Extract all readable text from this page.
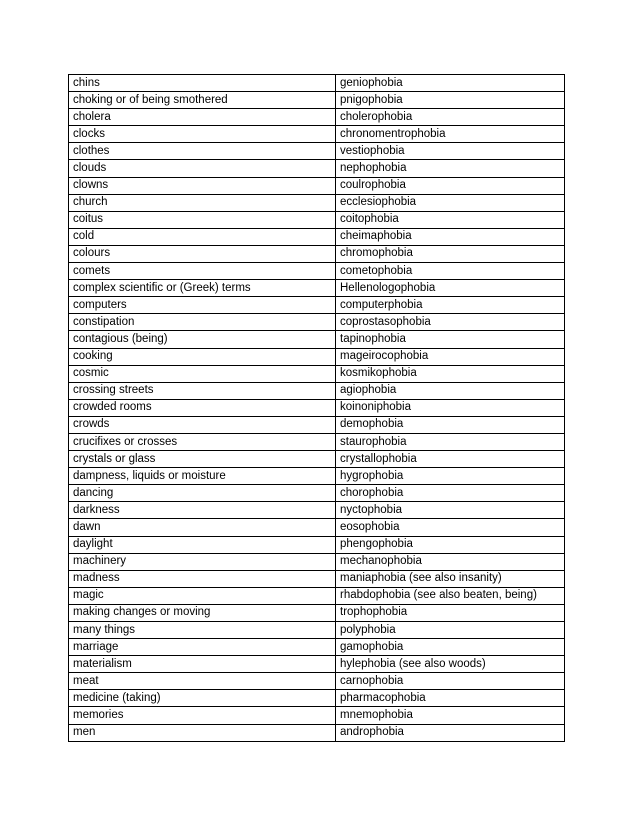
chins	geniophobia
choking or of being smothered	pnigophobia
cholera	cholerophobia
clocks	chronomentrophobia
clothes	vestiophobia
clouds	nephophobia
clowns	coulrophobia
church	ecclesiophobia
coitus	coitophobia
cold	cheimaphobia
colours	chromophobia
comets	cometophobia
complex scientific or (Greek) terms	Hellenologophobia
computers	computerphobia
constipation	coprostasophobia
contagious (being)	tapinophobia
cooking	mageirocophobia
cosmic	kosmikophobia
crossing streets	agiophobia
crowded rooms	koinoniphobia
crowds	demophobia
crucifixes or crosses	staurophobia
crystals or glass	crystallophobia
dampness, liquids or moisture	hygrophobia
dancing	chorophobia
darkness	nyctophobia
dawn	eosophobia
daylight	phengophobia
machinery	mechanophobia
madness	maniaphobia (see also insanity)
magic	rhabdophobia (see also beaten, being)
making changes or moving	trophophobia
many things	polyphobia
marriage	gamophobia
materialism	hylephobia (see also woods)
meat	carnophobia
medicine (taking)	pharmacophobia
memories	mnemophobia
men	androphobia
